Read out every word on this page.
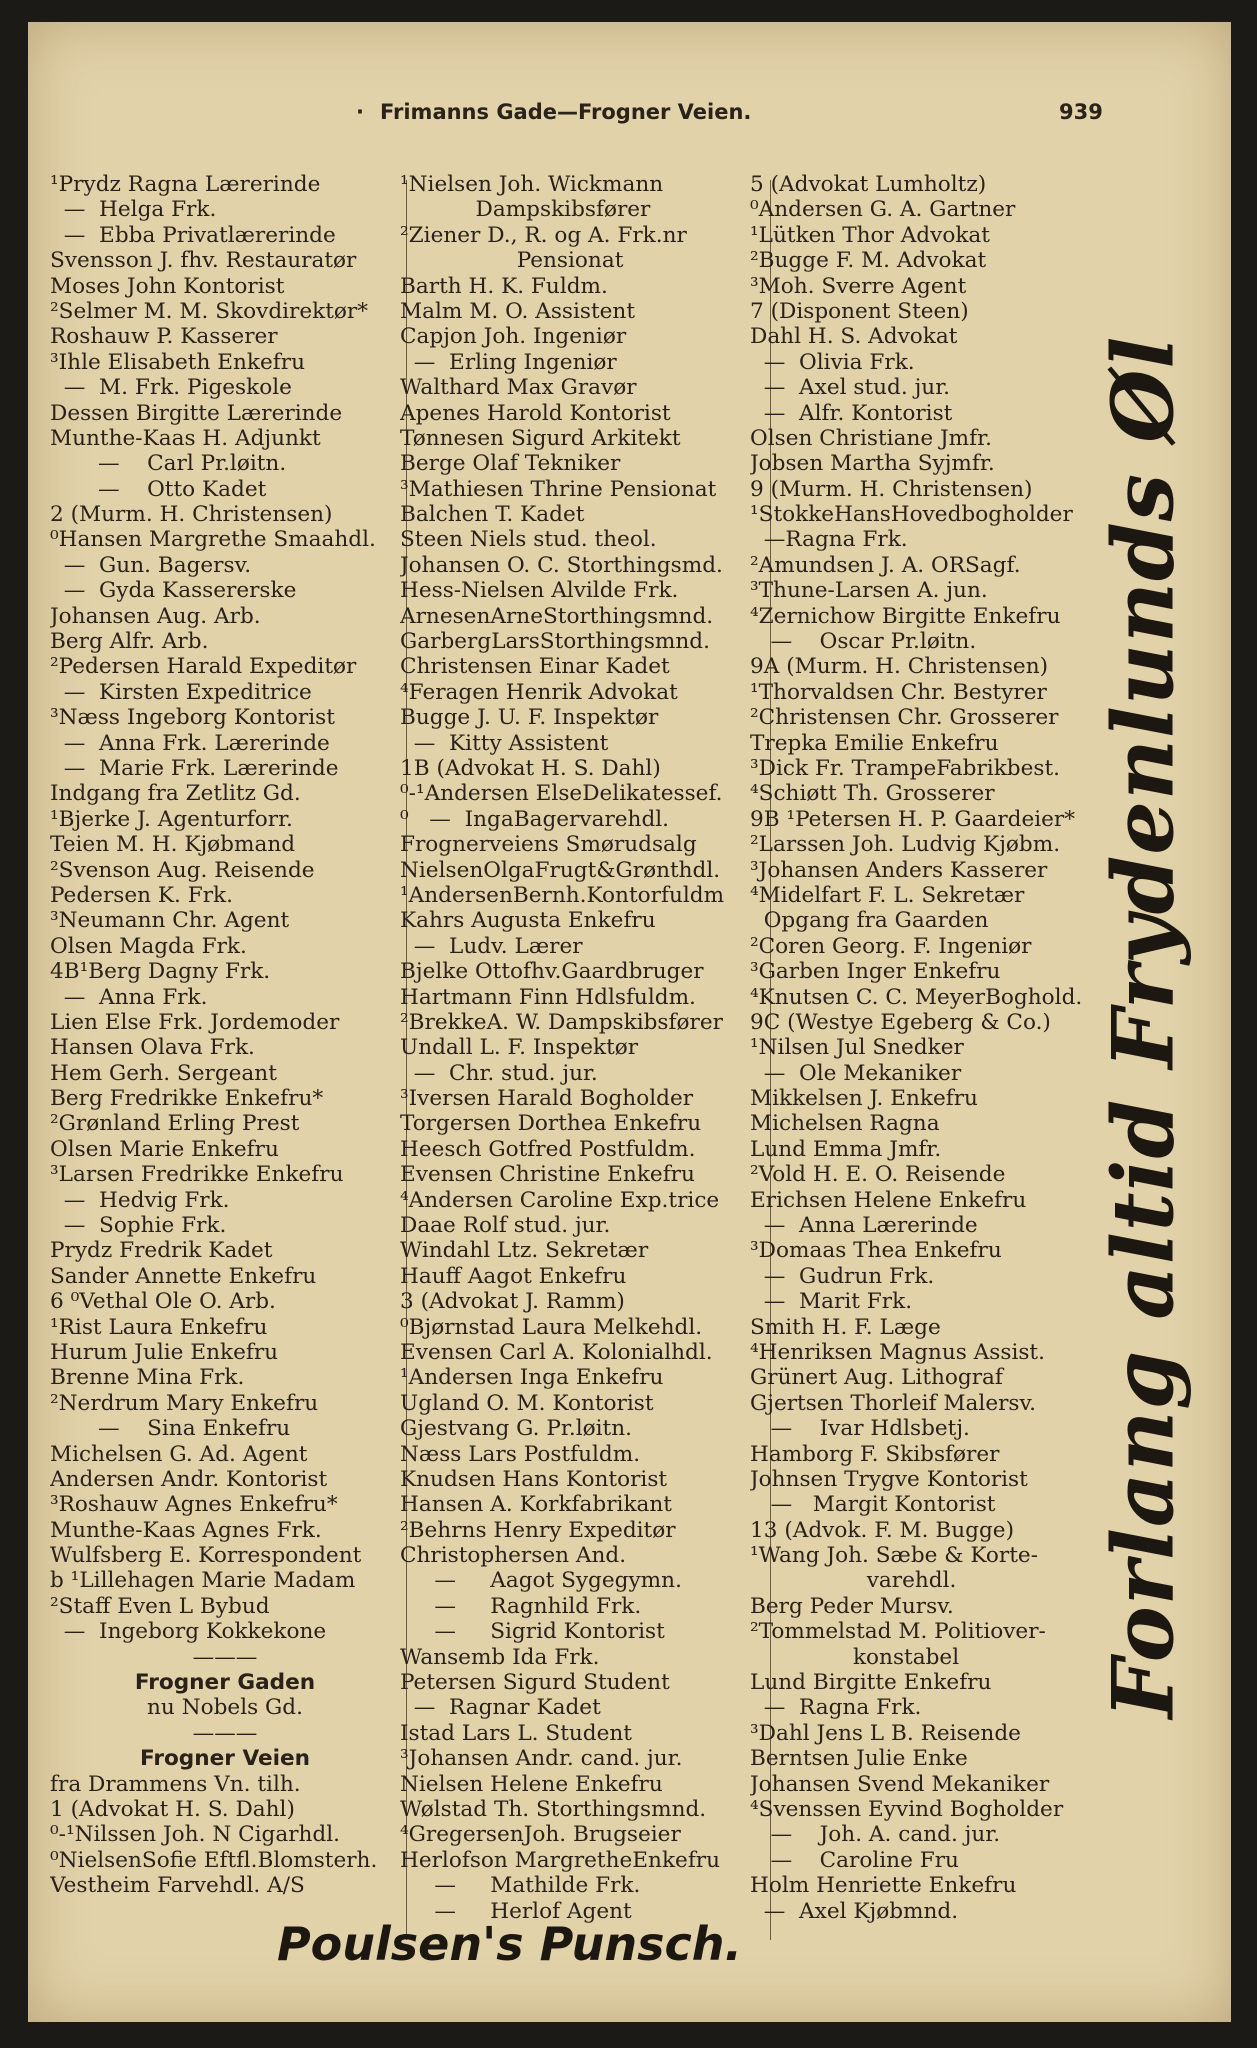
· Frimanns Gade—Frogner Veien.	939
¹Prydz Ragna Lærerinde
—  Helga Frk.
—  Ebba Privatlærerinde
Svensson J. fhv. Restauratør
Moses John Kontorist
²Selmer M. M. Skovdirektør*
Roshauw P. Kasserer
³Ihle Elisabeth Enkefru
—  M. Frk. Pigeskole
Dessen Birgitte Lærerinde
Munthe-Kaas H. Adjunkt
—    Carl Pr.løitn.
—    Otto Kadet
2 (Murm. H. Christensen)
⁰Hansen Margrethe Smaahdl.
—  Gun. Bagersv.
—  Gyda Kassererske
Johansen Aug. Arb.
Berg Alfr. Arb.
²Pedersen Harald Expeditør
—  Kirsten Expeditrice
³Næss Ingeborg Kontorist
—  Anna Frk. Lærerinde
—  Marie Frk. Lærerinde
Indgang fra Zetlitz Gd.
¹Bjerke J. Agenturforr.
Teien M. H. Kjøbmand
²Svenson Aug. Reisende
Pedersen K. Frk.
³Neumann Chr. Agent
Olsen Magda Frk.
4B¹Berg Dagny Frk.
—  Anna Frk.
Lien Else Frk. Jordemoder
Hansen Olava Frk.
Hem Gerh. Sergeant
Berg Fredrikke Enkefru*
²Grønland Erling Prest
Olsen Marie Enkefru
³Larsen Fredrikke Enkefru
—  Hedvig Frk.
—  Sophie Frk.
Prydz Fredrik Kadet
Sander Annette Enkefru
6 ⁰Vethal Ole O. Arb.
¹Rist Laura Enkefru
Hurum Julie Enkefru
Brenne Mina Frk.
²Nerdrum Mary Enkefru
—    Sina Enkefru
Michelsen G. Ad. Agent
Andersen Andr. Kontorist
³Roshauw Agnes Enkefru*
Munthe-Kaas Agnes Frk.
Wulfsberg E. Korrespondent
b ¹Lillehagen Marie Madam
²Staff Even L Bybud
—  Ingeborg Kokkekone
———
Frogner Gaden
nu Nobels Gd.
———
Frogner Veien
fra Drammens Vn. tilh.
1 (Advokat H. S. Dahl)
⁰-¹Nilssen Joh. N Cigarhdl.
⁰NielsenSofie Eftfl.Blomsterh.
Vestheim Farvehdl. A/S
¹Nielsen Joh. Wickmann
Dampskibsfører
²Ziener D., R. og A. Frk.nr
Pensionat
Barth H. K. Fuldm.
Malm M. O. Assistent
Capjon Joh. Ingeniør
—  Erling Ingeniør
Walthard Max Gravør
Apenes Harold Kontorist
Tønnesen Sigurd Arkitekt
Berge Olaf Tekniker
³Mathiesen Thrine Pensionat
Balchen T. Kadet
Steen Niels stud. theol.
Johansen O. C. Storthingsmd.
Hess-Nielsen Alvilde Frk.
ArnesenArneStorthingsmnd.
GarbergLarsStorthingsmnd.
Christensen Einar Kadet
⁴Feragen Henrik Advokat
Bugge J. U. F. Inspektør
—  Kitty Assistent
1B (Advokat H. S. Dahl)
⁰-¹Andersen ElseDelikatessef.
⁰   —  IngaBagervarehdl.
Frognerveiens Smørudsalg
NielsenOlgaFrugt&Grønthdl.
¹AndersenBernh.Kontorfuldm
Kahrs Augusta Enkefru
—  Ludv. Lærer
Bjelke Ottofhv.Gaardbruger
Hartmann Finn Hdlsfuldm.
²BrekkeA. W. Dampskibsfører
Undall L. F. Inspektør
—  Chr. stud. jur.
³Iversen Harald Bogholder
Torgersen Dorthea Enkefru
Heesch Gotfred Postfuldm.
Evensen Christine Enkefru
⁴Andersen Caroline Exp.trice
Daae Rolf stud. jur.
Windahl Ltz. Sekretær
Hauff Aagot Enkefru
3 (Advokat J. Ramm)
⁰Bjørnstad Laura Melkehdl.
Evensen Carl A. Kolonialhdl.
¹Andersen Inga Enkefru
Ugland O. M. Kontorist
Gjestvang G. Pr.løitn.
Næss Lars Postfuldm.
Knudsen Hans Kontorist
Hansen A. Korkfabrikant
²Behrns Henry Expeditør
Christophersen And.
—     Aagot Sygegymn.
—     Ragnhild Frk.
—     Sigrid Kontorist
Wansemb Ida Frk.
Petersen Sigurd Student
—  Ragnar Kadet
Istad Lars L. Student
³Johansen Andr. cand. jur.
Nielsen Helene Enkefru
Wølstad Th. Storthingsmnd.
⁴GregersenJoh. Brugseier
Herlofson MargretheEnkefru
—     Mathilde Frk.
—     Herlof Agent
5 (Advokat Lumholtz)
⁰Andersen G. A. Gartner
¹Lütken Thor Advokat
²Bugge F. M. Advokat
³Moh. Sverre Agent
7 (Disponent Steen)
Dahl H. S. Advokat
—  Olivia Frk.
—  Axel stud. jur.
—  Alfr. Kontorist
Olsen Christiane Jmfr.
Jobsen Martha Syjmfr.
9 (Murm. H. Christensen)
¹StokkeHansHovedbogholder
—Ragna Frk.
²Amundsen J. A. ORSagf.
³Thune-Larsen A. jun.
⁴Zernichow Birgitte Enkefru
—    Oscar Pr.løitn.
9A (Murm. H. Christensen)
¹Thorvaldsen Chr. Bestyrer
²Christensen Chr. Grosserer
Trepka Emilie Enkefru
³Dick Fr. TrampeFabrikbest.
⁴Schiøtt Th. Grosserer
9B ¹Petersen H. P. Gaardeier*
²Larssen Joh. Ludvig Kjøbm.
³Johansen Anders Kasserer
⁴Midelfart F. L. Sekretær
Opgang fra Gaarden
²Coren Georg. F. Ingeniør
³Garben Inger Enkefru
⁴Knutsen C. C. MeyerBoghold.
9C (Westye Egeberg & Co.)
¹Nilsen Jul Snedker
—  Ole Mekaniker
Mikkelsen J. Enkefru
Michelsen Ragna
Lund Emma Jmfr.
²Vold H. E. O. Reisende
Erichsen Helene Enkefru
—  Anna Lærerinde
³Domaas Thea Enkefru
—  Gudrun Frk.
—  Marit Frk.
Smith H. F. Læge
⁴Henriksen Magnus Assist.
Grünert Aug. Lithograf
Gjertsen Thorleif Malersv.
—    Ivar Hdlsbetj.
Hamborg F. Skibsfører
Johnsen Trygve Kontorist
—   Margit Kontorist
13 (Advok. F. M. Bugge)
¹Wang Joh. Sæbe & Korte-
varehdl.
Berg Peder Mursv.
²Tommelstad M. Politiover-
konstabel
Lund Birgitte Enkefru
—  Ragna Frk.
³Dahl Jens L B. Reisende
Berntsen Julie Enke
Johansen Svend Mekaniker
⁴Svenssen Eyvind Bogholder
—    Joh. A. cand. jur.
—    Caroline Fru
Holm Henriette Enkefru
—  Axel Kjøbmnd.
Forlang altid Frydenlunds Øl
Poulsen's Punsch.
